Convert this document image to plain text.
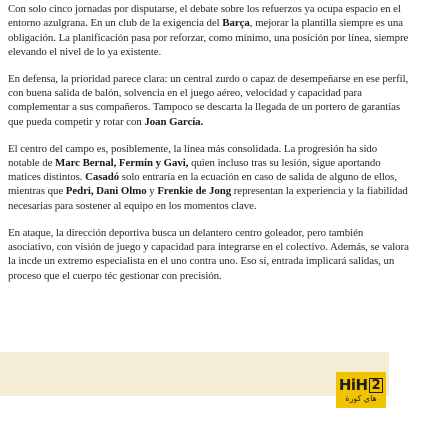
Con solo cinco jornadas por disputarse, el debate sobre los refuerzos ya ocupa espacio en el entorno azulgrana. En un club de la exigencia del Barça, mejorar la plantilla siempre es una obligación. La planificación pasa por reforzar, como mínimo, una posición por línea, siempre elevando el nivel de lo ya existente.

En defensa, la prioridad parece clara: un central zurdo o capaz de desempeñarse en ese perfil, con buena salida de balón, solvencia en el juego aéreo, velocidad y capacidad para complementar a sus compañeros. Tampoco se descarta la llegada de un portero de garantías que pueda competir y rotar con Joan García.

El centro del campo es, posiblemente, la línea más consolidada. La progresión ha sido notable de Marc Bernal, Fermín y Gavi, quien incluso tras su lesión, sigue aportando matices distintos. Casadó solo entraría en la ecuación en caso de salida de alguno de ellos, mientras que Pedri, Dani Olmo y Frenkie de Jong representan la experiencia y la fiabilidad necesarias para sostener al equipo en los momentos clave.

En ataque, la dirección deportiva busca un delantero centro goleador, pero también asociativo, con visión de juego y capacidad para integrarse en el colectivo. Además, se valora la incde un extremo especialista en el uno contra uno. Eso sí, entrada implicará salidas, un proceso que el cuerpo téc gestionar con precisión.

HiH 2
هاي كورة
